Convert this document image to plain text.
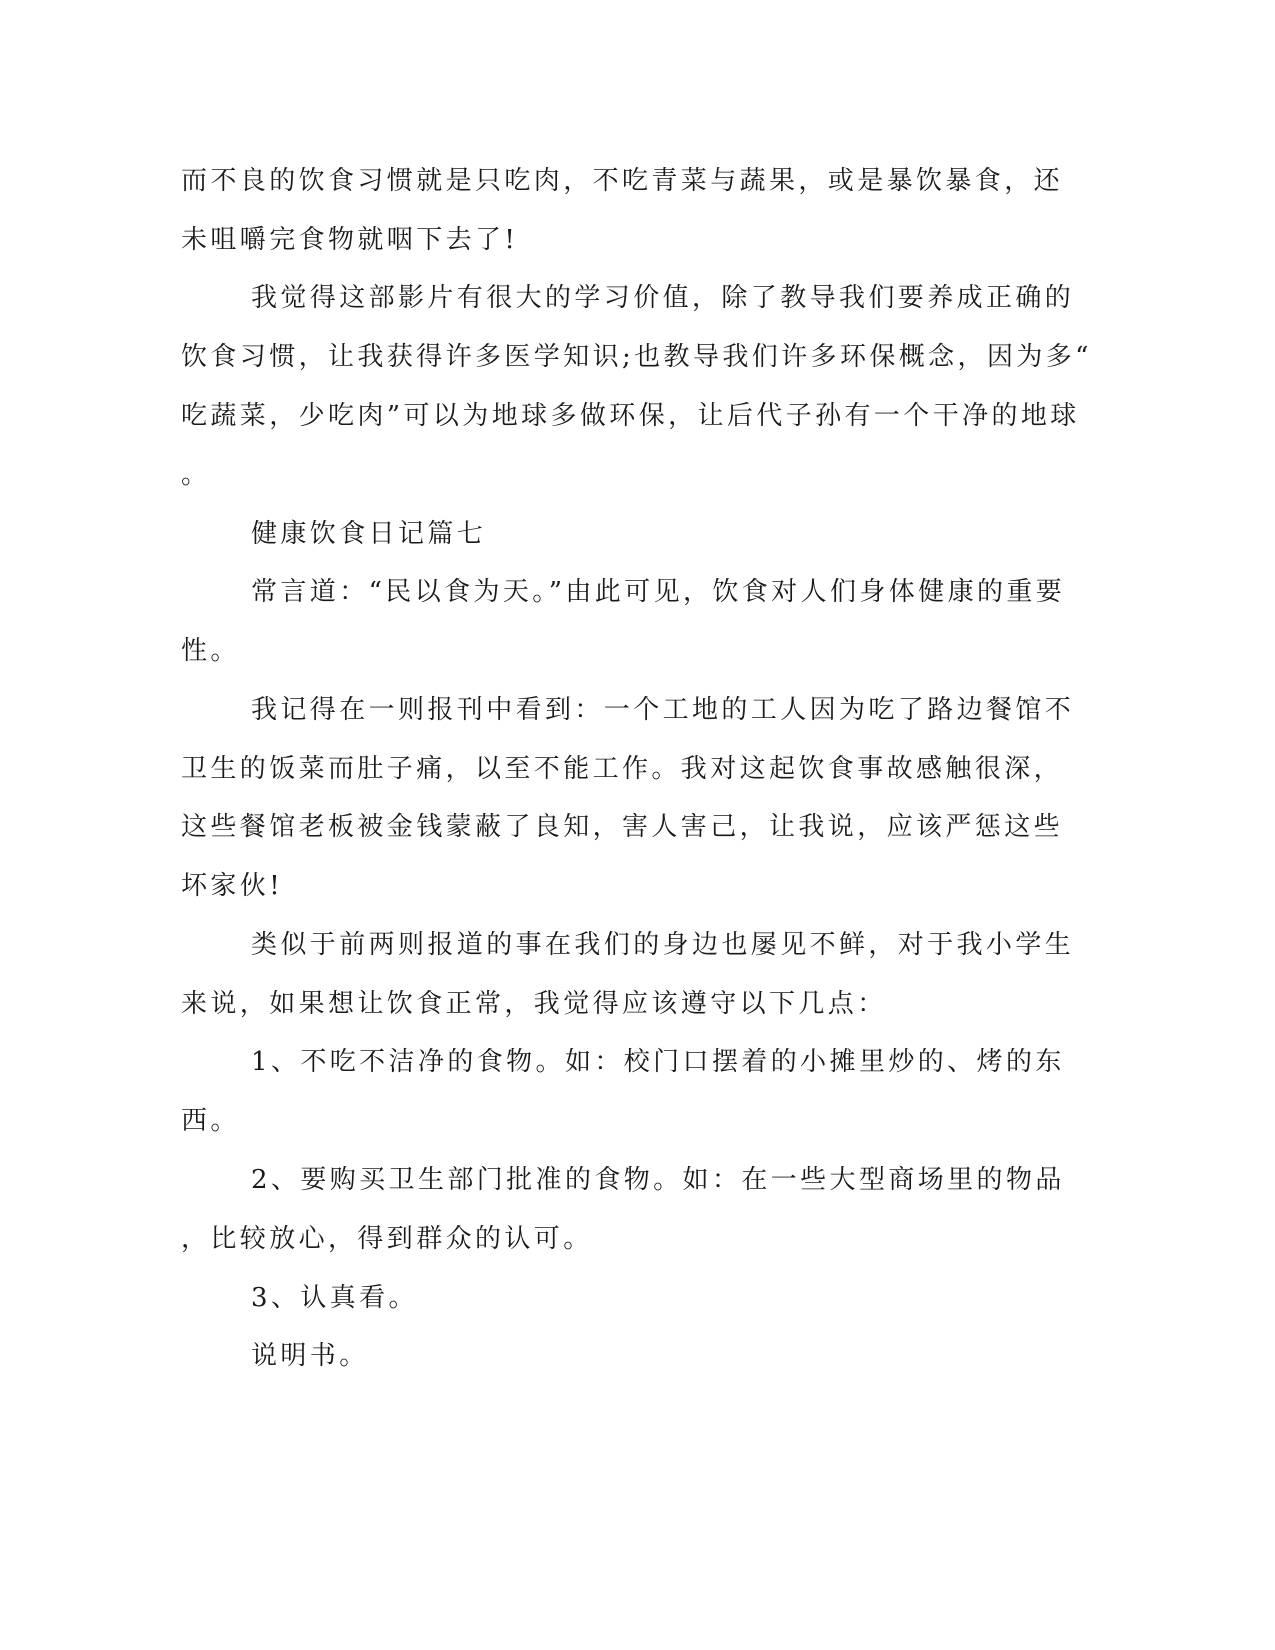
而不良的饮食习惯就是只吃肉，不吃青菜与蔬果，或是暴饮暴食，还
未咀嚼完食物就咽下去了!
我觉得这部影片有很大的学习价值，除了教导我们要养成正确的
饮食习惯，让我获得许多医学知识;也教导我们许多环保概念，因为多“
吃蔬菜，少吃肉”可以为地球多做环保，让后代子孙有一个干净的地球
。
健康饮食日记篇七
常言道：“民以食为天。”由此可见，饮食对人们身体健康的重要
性。
我记得在一则报刊中看到：一个工地的工人因为吃了路边餐馆不
卫生的饭菜而肚子痛，以至不能工作。我对这起饮食事故感触很深，
这些餐馆老板被金钱蒙蔽了良知，害人害己，让我说，应该严惩这些
坏家伙!
类似于前两则报道的事在我们的身边也屡见不鲜，对于我小学生
来说，如果想让饮食正常，我觉得应该遵守以下几点：
1、不吃不洁净的食物。如：校门口摆着的小摊里炒的、烤的东
西。
2、要购买卫生部门批准的食物。如：在一些大型商场里的物品
，比较放心，得到群众的认可。
3、认真看。
说明书。
